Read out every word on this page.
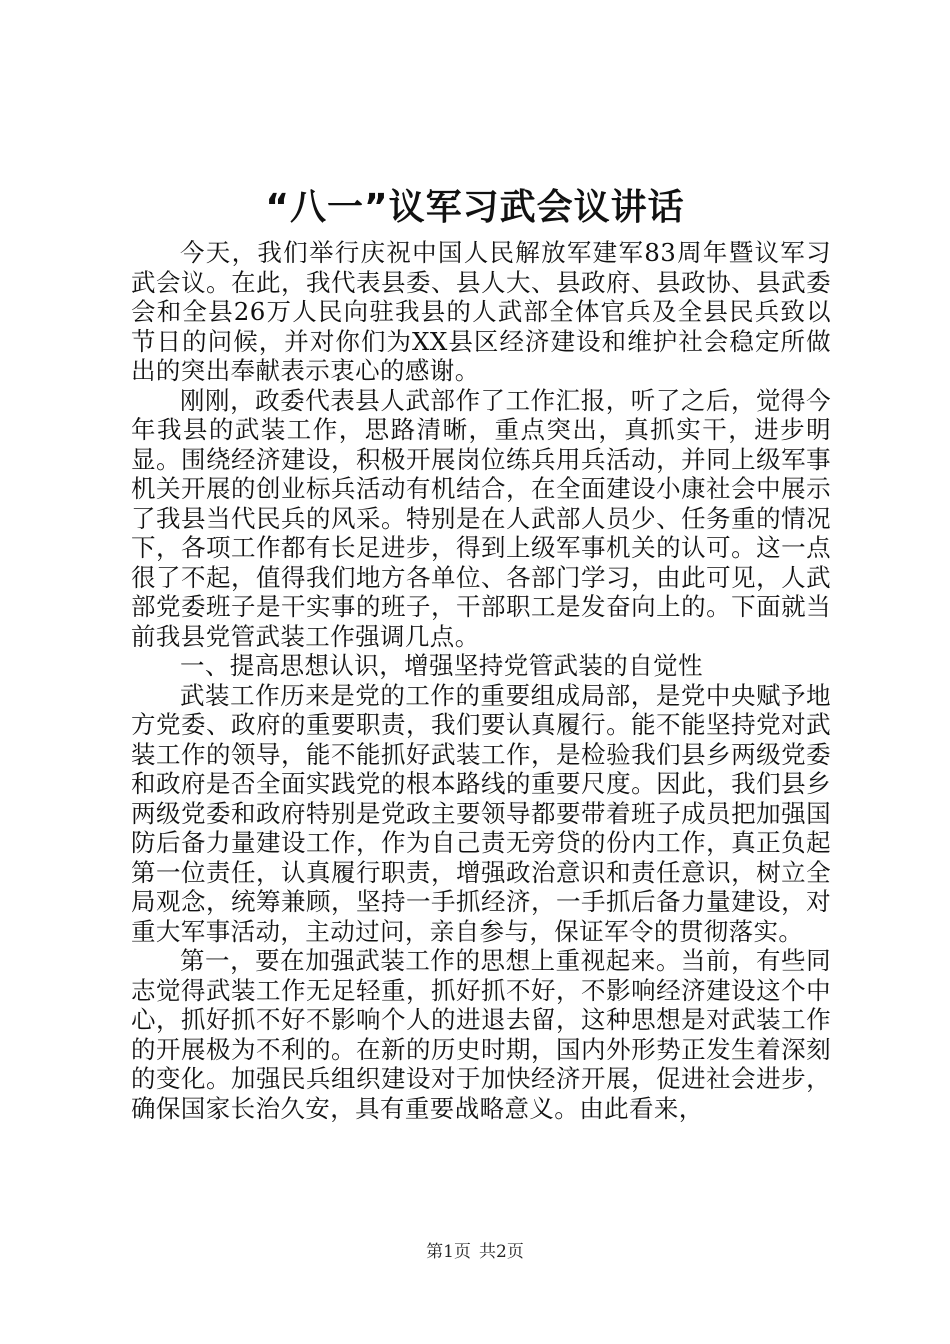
“八一”议军习武会议讲话

今天，我们举行庆祝中国人民解放军建军83周年暨议军习武会议。在此，我代表县委、县人大、县政府、县政协、县武委会和全县26万人民向驻我县的人武部全体官兵及全县民兵致以节日的问候，并对你们为XX县区经济建设和维护社会稳定所做出的突出奉献表示衷心的感谢。

刚刚，政委代表县人武部作了工作汇报，听了之后，觉得今年我县的武装工作，思路清晰，重点突出，真抓实干，进步明显。围绕经济建设，积极开展岗位练兵用兵活动，并同上级军事机关开展的创业标兵活动有机结合，在全面建设小康社会中展示了我县当代民兵的风采。特别是在人武部人员少、任务重的情况下，各项工作都有长足进步，得到上级军事机关的认可。这一点很了不起，值得我们地方各单位、各部门学习，由此可见，人武部党委班子是干实事的班子，干部职工是发奋向上的。下面就当前我县党管武装工作强调几点。

一、提高思想认识，增强坚持党管武装的自觉性

武装工作历来是党的工作的重要组成局部，是党中央赋予地方党委、政府的重要职责，我们要认真履行。能不能坚持党对武装工作的领导，能不能抓好武装工作，是检验我们县乡两级党委和政府是否全面实践党的根本路线的重要尺度。因此，我们县乡两级党委和政府特别是党政主要领导都要带着班子成员把加强国防后备力量建设工作，作为自己责无旁贷的份内工作，真正负起第一位责任，认真履行职责，增强政治意识和责任意识，树立全局观念，统筹兼顾，坚持一手抓经济，一手抓后备力量建设，对重大军事活动，主动过问，亲自参与，保证军令的贯彻落实。

第一，要在加强武装工作的思想上重视起来。当前，有些同志觉得武装工作无足轻重，抓好抓不好，不影响经济建设这个中心，抓好抓不好不影响个人的进退去留，这种思想是对武装工作的开展极为不利的。在新的历史时期，国内外形势正发生着深刻的变化。加强民兵组织建设对于加快经济开展，促进社会进步，确保国家长治久安，具有重要战略意义。由此看来，

第1页 共2页
